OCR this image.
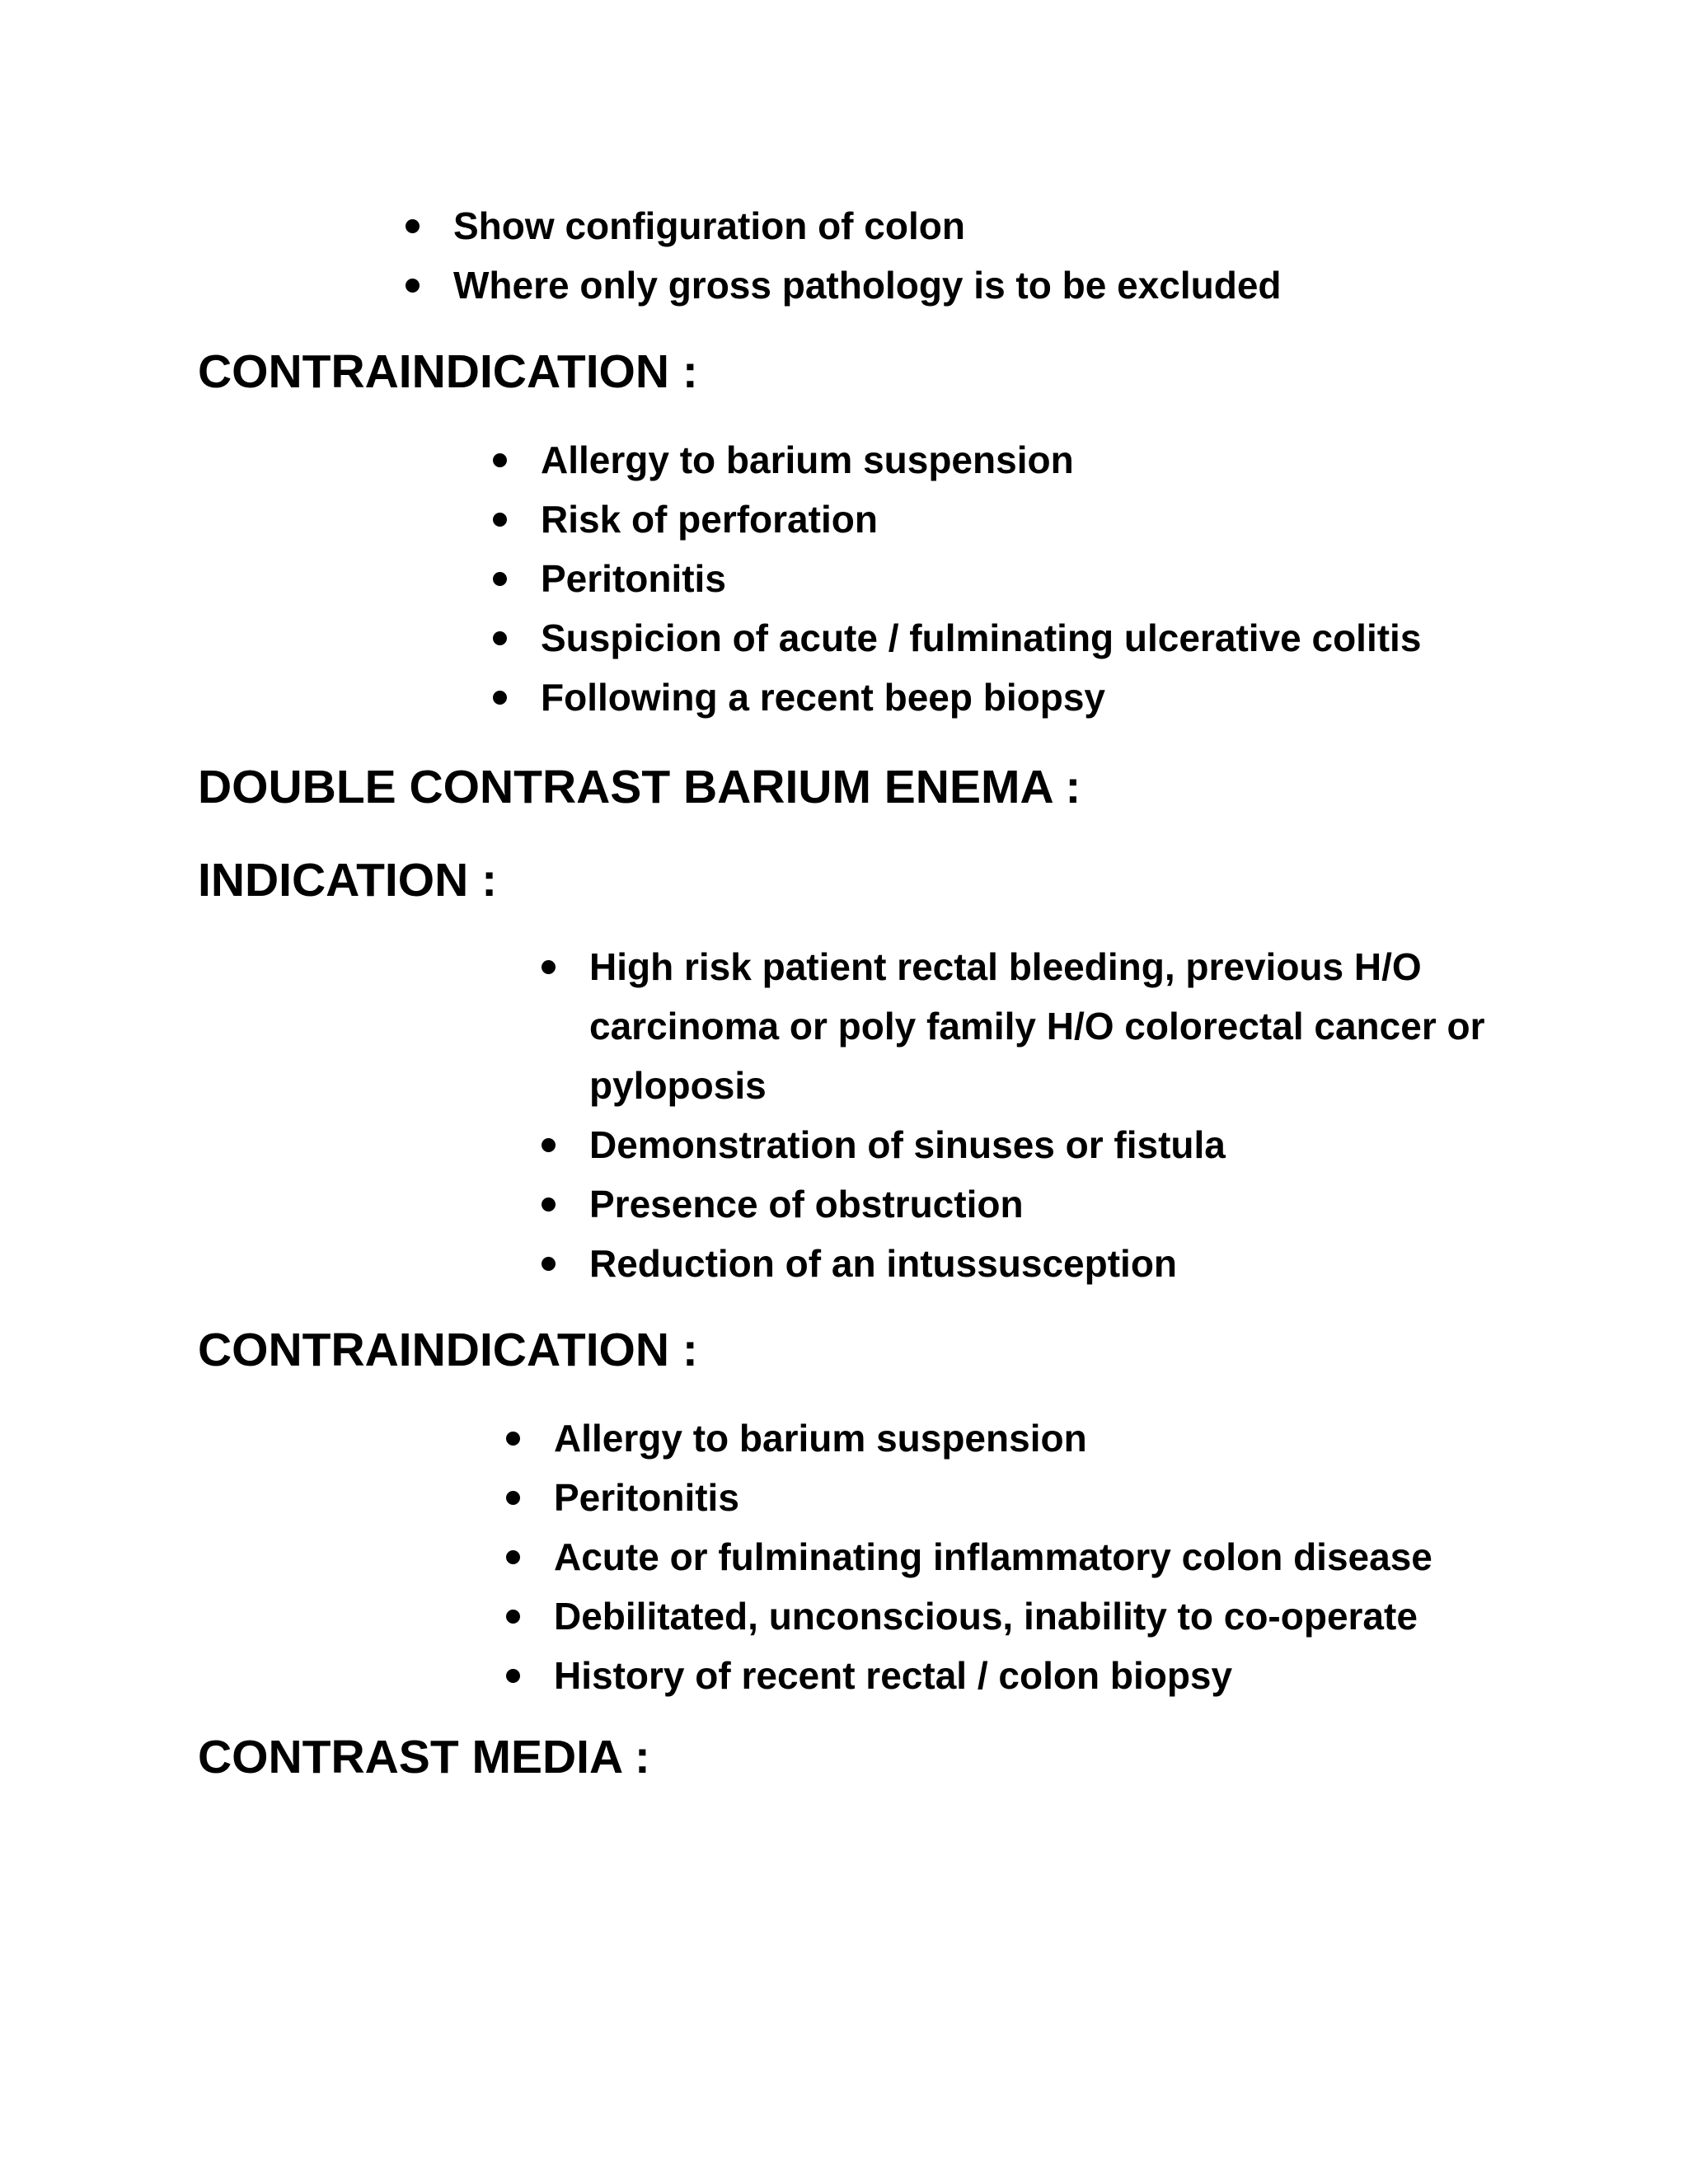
Show configuration of colon
Where only gross pathology is to be excluded
CONTRAINDICATION :
Allergy to barium suspension
Risk of perforation
Peritonitis
Suspicion of acute / fulminating ulcerative colitis
Following a recent beep biopsy
DOUBLE CONTRAST BARIUM ENEMA :
INDICATION :
High risk patient rectal bleeding, previous H/O carcinoma or poly family H/O colorectal cancer or pyloposis
Demonstration of sinuses or fistula
Presence of obstruction
Reduction of an intussusception
CONTRAINDICATION :
Allergy to barium suspension
Peritonitis
Acute or fulminating inflammatory colon disease
Debilitated, unconscious, inability to co-operate
History of recent rectal / colon biopsy
CONTRAST MEDIA :
